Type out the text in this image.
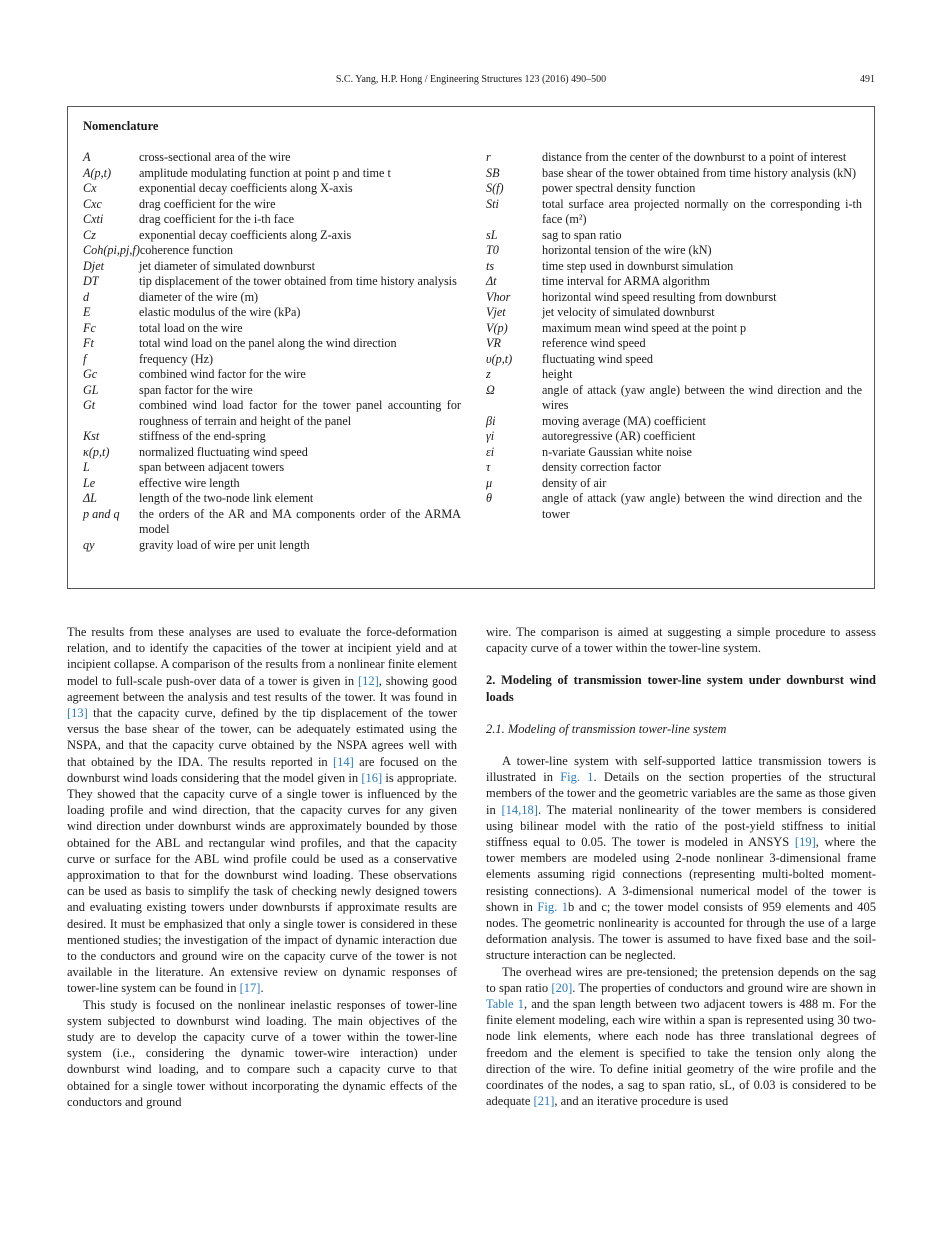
S.C. Yang, H.P. Hong / Engineering Structures 123 (2016) 490–500	491
Nomenclature
A	cross-sectional area of the wire
A(p,t)	amplitude modulating function at point p and time t
Cx	exponential decay coefficients along X-axis
Cxc	drag coefficient for the wire
Cxti	drag coefficient for the i-th face
Cz	exponential decay coefficients along Z-axis
Coh(pi,pj,f) coherence function
Djet	jet diameter of simulated downburst
DT	tip displacement of the tower obtained from time history analysis
d	diameter of the wire (m)
E	elastic modulus of the wire (kPa)
Fc	total load on the wire
Ft	total wind load on the panel along the wind direction
f	frequency (Hz)
Gc	combined wind factor for the wire
GL	span factor for the wire
Gt	combined wind load factor for the tower panel accounting for roughness of terrain and height of the panel
Kst	stiffness of the end-spring
κ(p,t)	normalized fluctuating wind speed
L	span between adjacent towers
Le	effective wire length
ΔL	length of the two-node link element
p and q	the orders of the AR and MA components order of the ARMA model
qy	gravity load of wire per unit length
r	distance from the center of the downburst to a point of interest
SB	base shear of the tower obtained from time history analysis (kN)
S(f)	power spectral density function
Sti	total surface area projected normally on the corresponding i-th face (m²)
sL	sag to span ratio
T0	horizontal tension of the wire (kN)
ts	time step used in downburst simulation
Δt	time interval for ARMA algorithm
Vhor	horizontal wind speed resulting from downburst
Vjet	jet velocity of simulated downburst
V(p)	maximum mean wind speed at the point p
VR	reference wind speed
υ(p,t)	fluctuating wind speed
z	height
Ω	angle of attack (yaw angle) between the wind direction and the wires
βi	moving average (MA) coefficient
γi	autoregressive (AR) coefficient
εi	n-variate Gaussian white noise
τ	density correction factor
μ	density of air
θ	angle of attack (yaw angle) between the wind direction and the tower

The results from these analyses are used to evaluate the force-deformation relation, and to identify the capacities of the tower at incipient yield and at incipient collapse. A comparison of the results from a nonlinear finite element model to full-scale push-over data of a tower is given in [12], showing good agreement between the analysis and test results of the tower. It was found in [13] that the capacity curve, defined by the tip displacement of the tower versus the base shear of the tower, can be adequately estimated using the NSPA, and that the capacity curve obtained by the NSPA agrees well with that obtained by the IDA. The results reported in [14] are focused on the downburst wind loads considering that the model given in [16] is appropriate. They showed that the capacity curve of a single tower is influenced by the loading profile and wind direction, that the capacity curves for any given wind direction under downburst winds are approximately bounded by those obtained for the ABL and rectangular wind profiles, and that the capacity curve or surface for the ABL wind profile could be used as a conservative approximation to that for the downburst wind loading. These observations can be used as basis to simplify the task of checking newly designed towers and evaluating existing towers under downbursts if approximate results are desired. It must be emphasized that only a single tower is considered in these mentioned studies; the investigation of the impact of dynamic interaction due to the conductors and ground wire on the capacity curve of the tower is not available in the literature. An extensive review on dynamic responses of tower-line system can be found in [17].

This study is focused on the nonlinear inelastic responses of tower-line system subjected to downburst wind loading. The main objectives of the study are to develop the capacity curve of a tower within the tower-line system (i.e., considering the dynamic tower-wire interaction) under downburst wind loading, and to compare such a capacity curve to that obtained for a single tower without incorporating the dynamic effects of the conductors and ground

wire. The comparison is aimed at suggesting a simple procedure to assess capacity curve of a tower within the tower-line system.

2. Modeling of transmission tower-line system under downburst wind loads
2.1. Modeling of transmission tower-line system

A tower-line system with self-supported lattice transmission towers is illustrated in Fig. 1. Details on the section properties of the structural members of the tower and the geometric variables are the same as those given in [14,18]. The material nonlinearity of the tower members is considered using bilinear model with the ratio of the post-yield stiffness to initial stiffness equal to 0.05. The tower is modeled in ANSYS [19], where the tower members are modeled using 2-node nonlinear 3-dimensional frame elements assuming rigid connections (representing multi-bolted moment-resisting connections). A 3-dimensional numerical model of the tower is shown in Fig. 1b and c; the tower model consists of 959 elements and 405 nodes. The geometric nonlinearity is accounted for through the use of a large deformation analysis. The tower is assumed to have fixed base and the soil-structure interaction can be neglected.

The overhead wires are pre-tensioned; the pretension depends on the sag to span ratio [20]. The properties of conductors and ground wire are shown in Table 1, and the span length between two adjacent towers is 488 m. For the finite element modeling, each wire within a span is represented using 30 two-node link elements, where each node has three translational degrees of freedom and the element is specified to take the tension only along the direction of the wire. To define initial geometry of the wire profile and the coordinates of the nodes, a sag to span ratio, sL, of 0.03 is considered to be adequate [21], and an iterative procedure is used
